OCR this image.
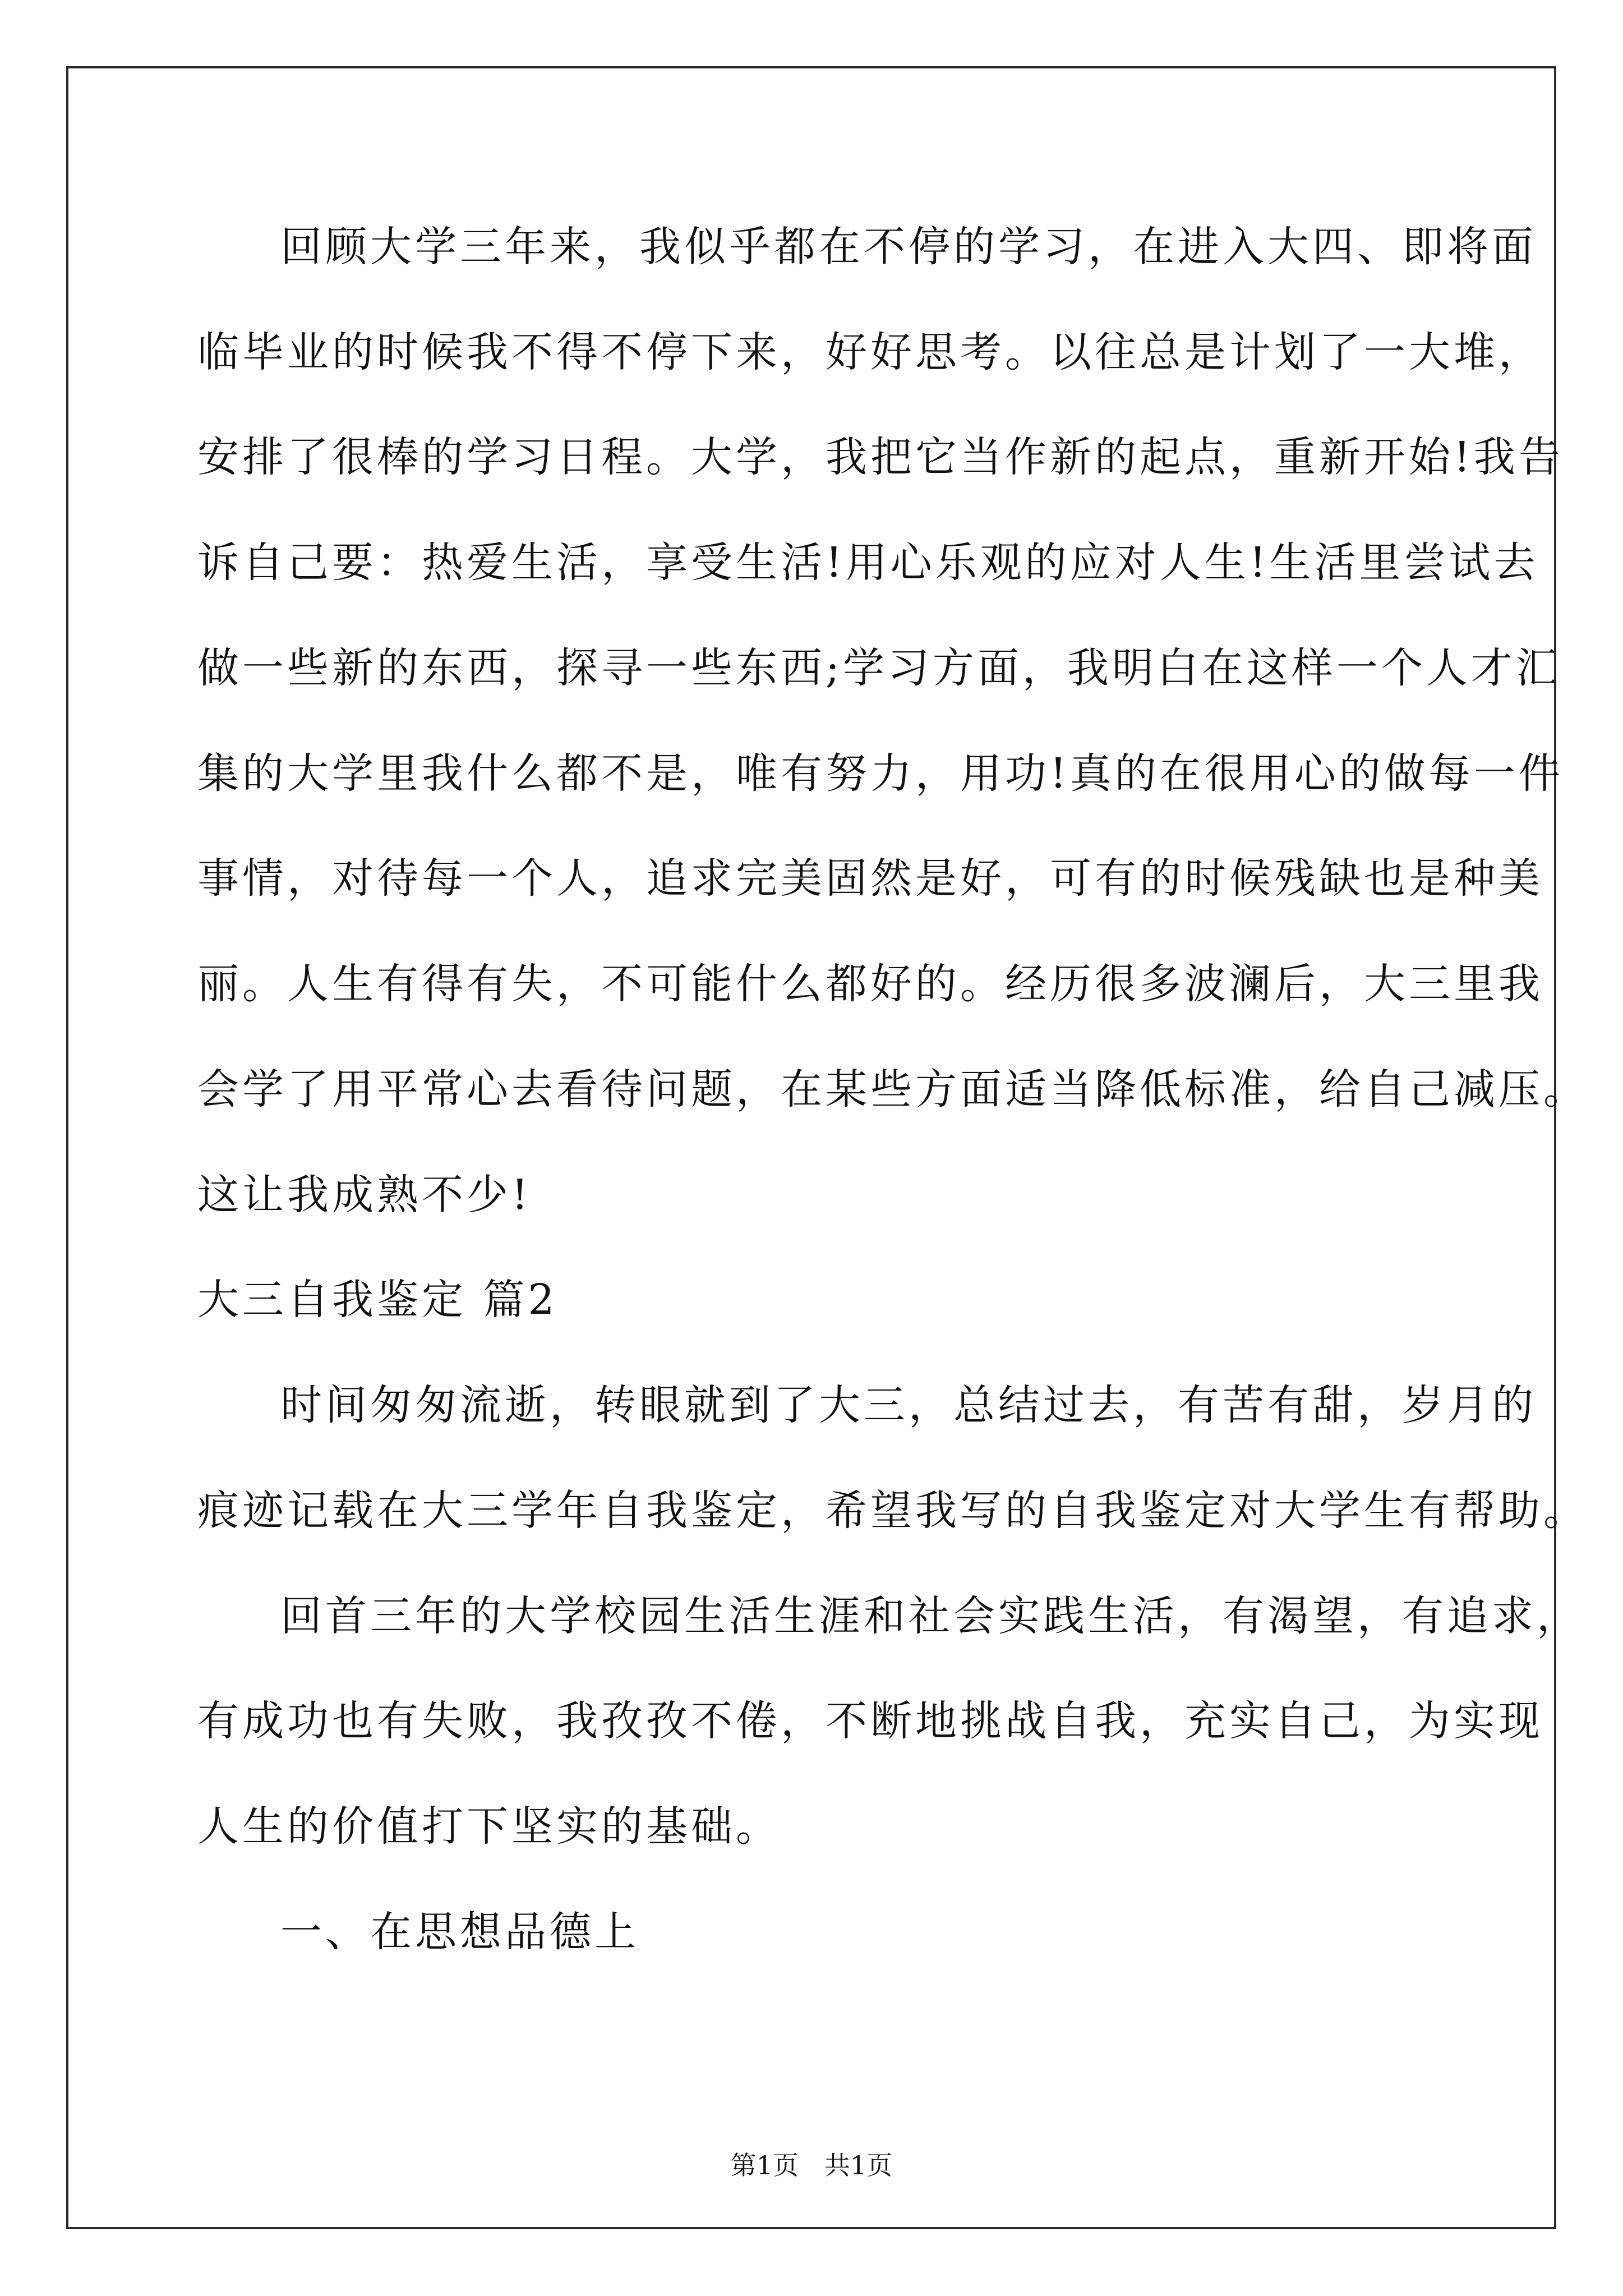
回顾大学三年来，我似乎都在不停的学习，在进入大四、即将面
临毕业的时候我不得不停下来，好好思考。以往总是计划了一大堆，
安排了很棒的学习日程。大学，我把它当作新的起点，重新开始!我告
诉自己要：热爱生活，享受生活!用心乐观的应对人生!生活里尝试去
做一些新的东西，探寻一些东西;学习方面，我明白在这样一个人才汇
集的大学里我什么都不是，唯有努力，用功!真的在很用心的做每一件
事情，对待每一个人，追求完美固然是好，可有的时候残缺也是种美
丽。人生有得有失，不可能什么都好的。经历很多波澜后，大三里我
会学了用平常心去看待问题，在某些方面适当降低标准，给自己减压。
这让我成熟不少!
大三自我鉴定 篇2
时间匆匆流逝，转眼就到了大三，总结过去，有苦有甜，岁月的
痕迹记载在大三学年自我鉴定，希望我写的自我鉴定对大学生有帮助。
回首三年的大学校园生活生涯和社会实践生活，有渴望，有追求，
有成功也有失败，我孜孜不倦，不断地挑战自我，充实自己，为实现
人生的价值打下坚实的基础。
一、在思想品德上
第1页　共1页
